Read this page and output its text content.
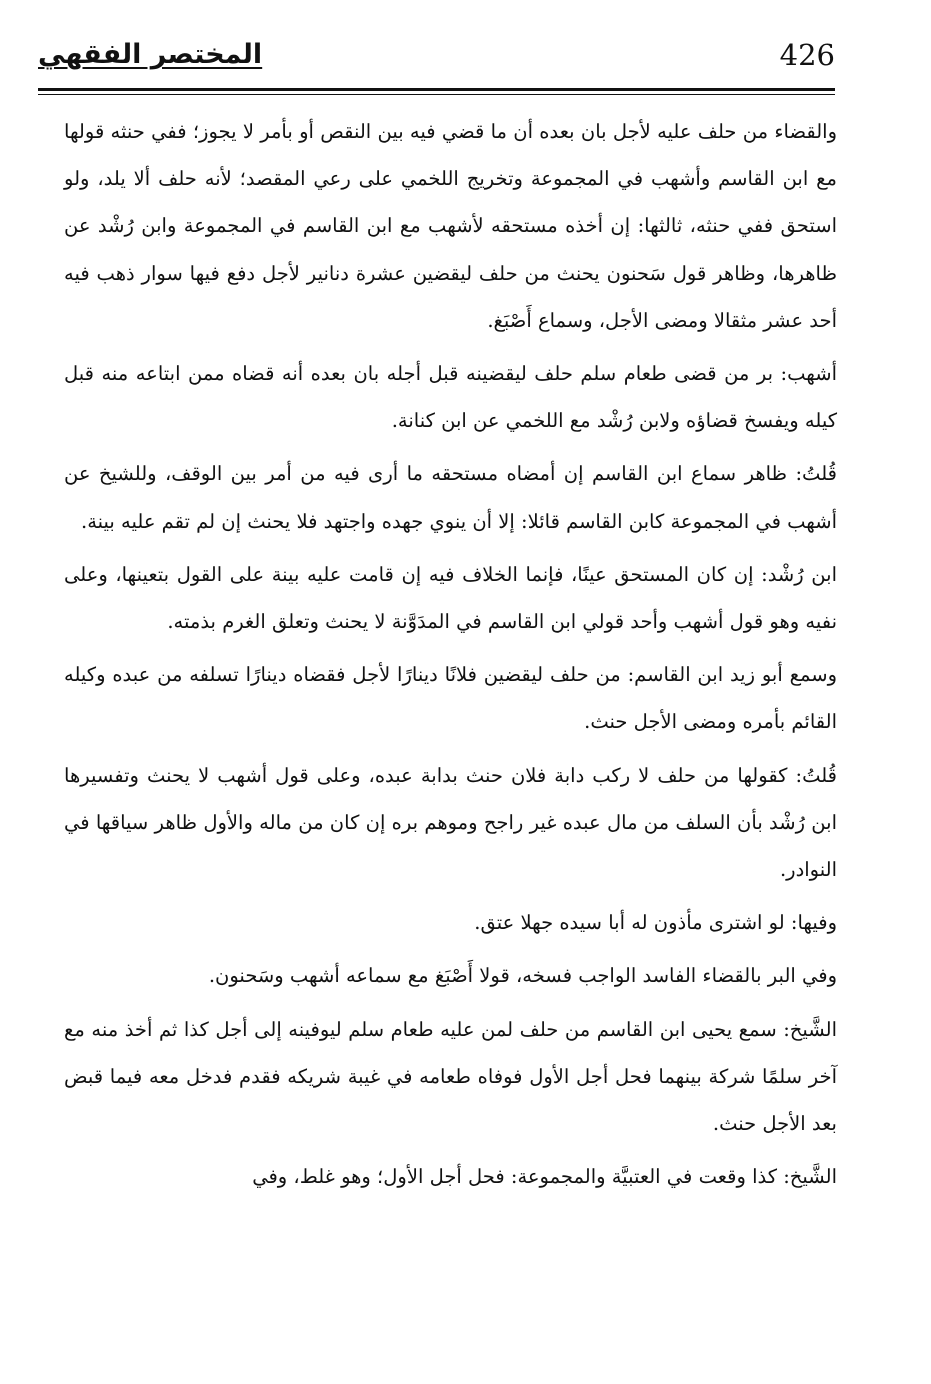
426
المختصر الفقهي

والقضاء من حلف عليه لأجل بان بعده أن ما قضي فيه بين النقص أو بأمر لا يجوز؛ ففي حنثه قولها مع ابن القاسم وأشهب في المجموعة وتخريج اللخمي على رعي المقصد؛ لأنه حلف ألا يلد، ولو استحق ففي حنثه، ثالثها: إن أخذه مستحقه لأشهب مع ابن القاسم في المجموعة وابن رُشْد عن ظاهرها، وظاهر قول سَحنون يحنث من حلف ليقضين عشرة دنانير لأجل دفع فيها سوار ذهب فيه أحد عشر مثقالا ومضى الأجل، وسماع أَصْبَغ.

أشهب: بر من قضى طعام سلم حلف ليقضينه قبل أجله بان بعده أنه قضاه ممن ابتاعه منه قبل كيله ويفسخ قضاؤه ولابن رُشْد مع اللخمي عن ابن كنانة.

قُلتُ: ظاهر سماع ابن القاسم إن أمضاه مستحقه ما أرى فيه من أمر بين الوقف، وللشيخ عن أشهب في المجموعة كابن القاسم قائلا: إلا أن ينوي جهده واجتهد فلا يحنث إن لم تقم عليه بينة.

ابن رُشْد: إن كان المستحق عينًا، فإنما الخلاف فيه إن قامت عليه بينة على القول بتعينها، وعلى نفيه وهو قول أشهب وأحد قولي ابن القاسم في المدَوَّنة لا يحنث وتعلق الغرم بذمته.

وسمع أبو زيد ابن القاسم: من حلف ليقضين فلانًا دينارًا لأجل فقضاه دينارًا تسلفه من عبده وكيله القائم بأمره ومضى الأجل حنث.

قُلتُ: كقولها من حلف لا ركب دابة فلان حنث بدابة عبده، وعلى قول أشهب لا يحنث وتفسيرها ابن رُشْد بأن السلف من مال عبده غير راجح وموهم بره إن كان من ماله والأول ظاهر سياقها في النوادر.

وفيها: لو اشترى مأذون له أبا سيده جهلا عتق.

وفي البر بالقضاء الفاسد الواجب فسخه، قولا أَصْبَغ مع سماعه أشهب وسَحنون.

الشَّيخ: سمع يحيى ابن القاسم من حلف لمن عليه طعام سلم ليوفينه إلى أجل كذا ثم أخذ منه مع آخر سلمًا شركة بينهما فحل أجل الأول فوفاه طعامه في غيبة شريكه فقدم فدخل معه فيما قبض بعد الأجل حنث.

الشَّيخ: كذا وقعت في العتبيَّة والمجموعة: فحل أجل الأول؛ وهو غلط، وفي
